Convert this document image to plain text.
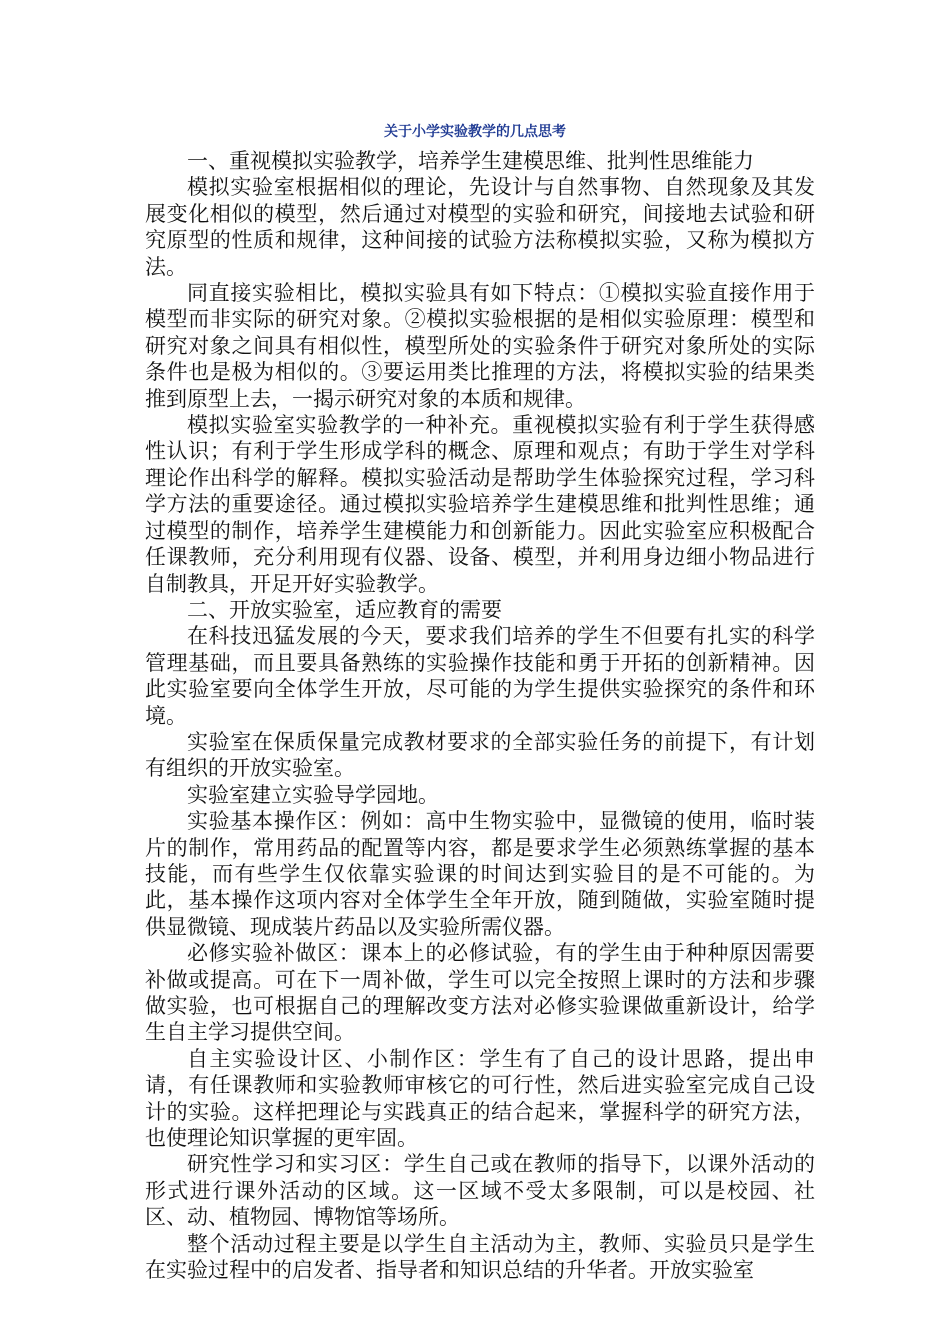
关于小学实验教学的几点思考

一、重视模拟实验教学，培养学生建模思维、批判性思维能力

模拟实验室根据相似的理论，先设计与自然事物、自然现象及其发展变化相似的模型，然后通过对模型的实验和研究，间接地去试验和研究原型的性质和规律，这种间接的试验方法称模拟实验，又称为模拟方法。

同直接实验相比，模拟实验具有如下特点：①模拟实验直接作用于模型而非实际的研究对象。②模拟实验根据的是相似实验原理：模型和研究对象之间具有相似性，模型所处的实验条件于研究对象所处的实际条件也是极为相似的。③要运用类比推理的方法，将模拟实验的结果类推到原型上去，一揭示研究对象的本质和规律。

模拟实验室实验教学的一种补充。重视模拟实验有利于学生获得感性认识；有利于学生形成学科的概念、原理和观点；有助于学生对学科理论作出科学的解释。模拟实验活动是帮助学生体验探究过程，学习科学方法的重要途径。通过模拟实验培养学生建模思维和批判性思维；通过模型的制作，培养学生建模能力和创新能力。因此实验室应积极配合任课教师，充分利用现有仪器、设备、模型，并利用身边细小物品进行自制教具，开足开好实验教学。

二、开放实验室，适应教育的需要

在科技迅猛发展的今天，要求我们培养的学生不但要有扎实的科学管理基础，而且要具备熟练的实验操作技能和勇于开拓的创新精神。因此实验室要向全体学生开放，尽可能的为学生提供实验探究的条件和环境。

实验室在保质保量完成教材要求的全部实验任务的前提下，有计划有组织的开放实验室。

实验室建立实验导学园地。

实验基本操作区：例如：高中生物实验中，显微镜的使用，临时装片的制作，常用药品的配置等内容，都是要求学生必须熟练掌握的基本技能，而有些学生仅依靠实验课的时间达到实验目的是不可能的。为此，基本操作这项内容对全体学生全年开放，随到随做，实验室随时提供显微镜、现成装片药品以及实验所需仪器。

必修实验补做区：课本上的必修试验，有的学生由于种种原因需要补做或提高。可在下一周补做，学生可以完全按照上课时的方法和步骤做实验，也可根据自己的理解改变方法对必修实验课做重新设计，给学生自主学习提供空间。

自主实验设计区、小制作区：学生有了自己的设计思路，提出申请，有任课教师和实验教师审核它的可行性，然后进实验室完成自己设计的实验。这样把理论与实践真正的结合起来，掌握科学的研究方法，也使理论知识掌握的更牢固。

研究性学习和实习区：学生自己或在教师的指导下，以课外活动的形式进行课外活动的区域。这一区域不受太多限制，可以是校园、社区、动、植物园、博物馆等场所。

整个活动过程主要是以学生自主活动为主，教师、实验员只是学生在实验过程中的启发者、指导者和知识总结的升华者。开放实验室
